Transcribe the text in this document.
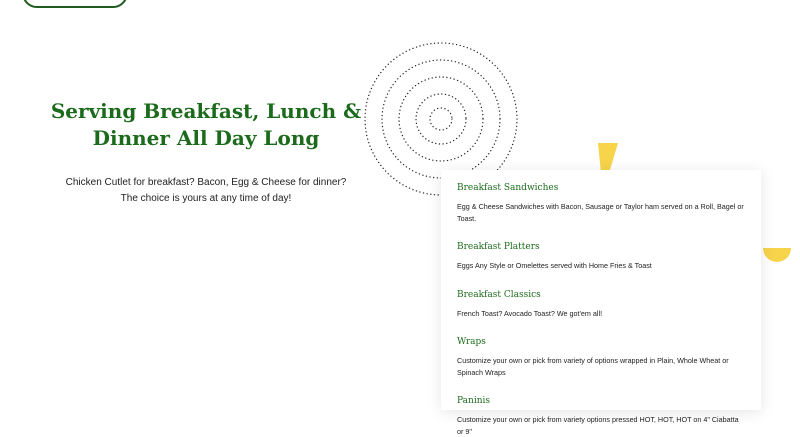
Serving Breakfast, Lunch & Dinner All Day Long
Chicken Cutlet for breakfast? Bacon, Egg & Cheese for dinner?
The choice is yours at any time of day!
Breakfast Sandwiches
Egg & Cheese Sandwiches with Bacon, Sausage or Taylor ham served on a Roll, Bagel or Toast.
Breakfast Platters
Eggs Any Style or Omelettes served with Home Fries & Toast
Breakfast Classics
French Toast? Avocado Toast? We got'em all!
Wraps
Customize your own or pick from variety of options wrapped in Plain, Whole Wheat or Spinach Wraps
Paninis
Customize your own or pick from variety options pressed HOT, HOT, HOT on 4" Ciabatta or 9"
